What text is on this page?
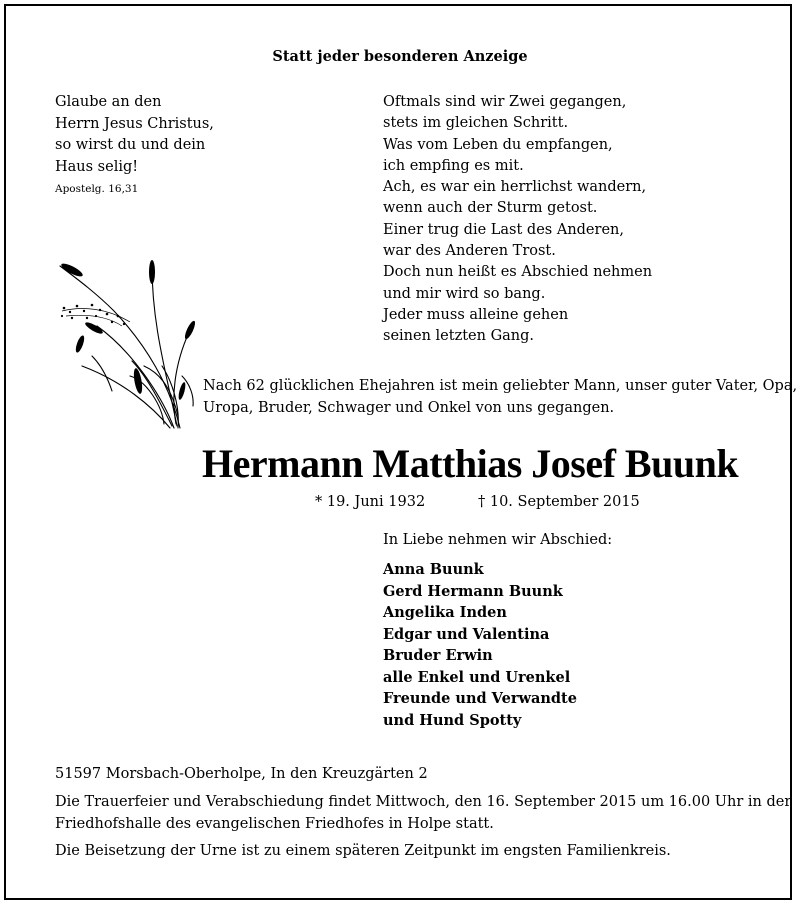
Statt jeder besonderen Anzeige
Glaube an den
Herrn Jesus Christus,
so wirst du und dein
Haus selig!
Apostelg. 16,31
Oftmals sind wir Zwei gegangen,
stets im gleichen Schritt.
Was vom Leben du empfangen,
ich empfing es mit.
Ach, es war ein herrlichst wandern,
wenn auch der Sturm getost.
Einer trug die Last des Anderen,
war des Anderen Trost.
Doch nun heißt es Abschied nehmen
und mir wird so bang.
Jeder muss alleine gehen
seinen letzten Gang.
Nach 62 glücklichen Ehejahren ist mein geliebter Mann, unser guter Vater, Opa,
Uropa, Bruder, Schwager und Onkel von uns gegangen.
Hermann Matthias Josef Buunk
* 19. Juni 1932	† 10. September 2015
In Liebe nehmen wir Abschied:
Anna Buunk
Gerd Hermann Buunk
Angelika Inden
Edgar und Valentina
Bruder Erwin
alle Enkel und Urenkel
Freunde und Verwandte
und Hund Spotty
51597 Morsbach-Oberholpe, In den Kreuzgärten 2
Die Trauerfeier und Verabschiedung findet Mittwoch, den 16. September 2015 um 16.00 Uhr in der
Friedhofshalle des evangelischen Friedhofes in Holpe statt.
Die Beisetzung der Urne ist zu einem späteren Zeitpunkt im engsten Familienkreis.
